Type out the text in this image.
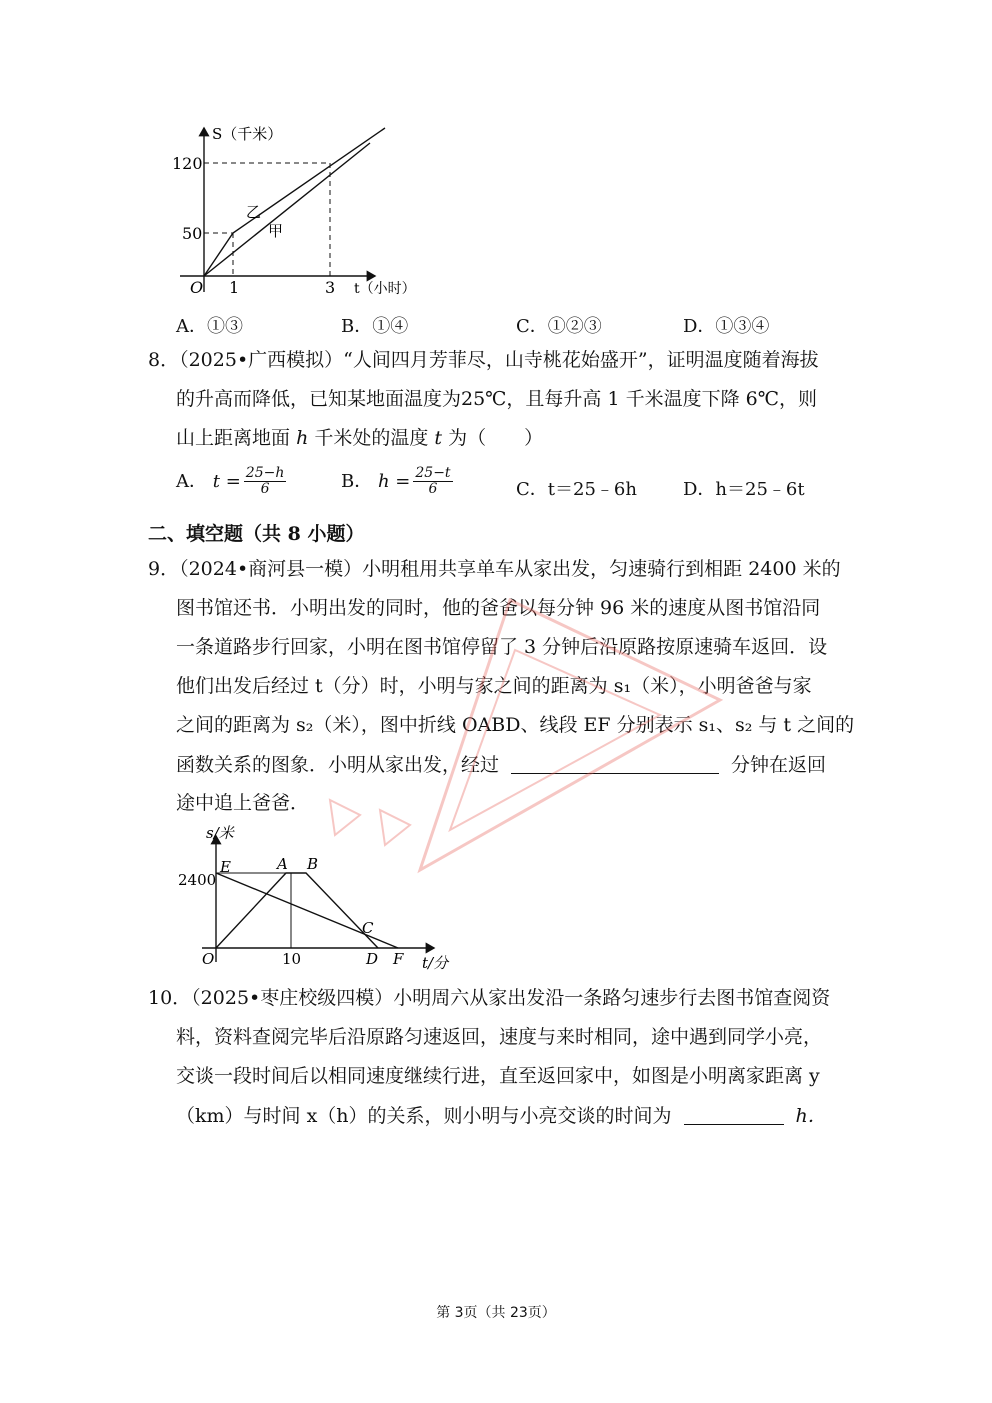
S（千米）
120
50
O 1	3 t（小时）
乙
甲
A．①③	B．①④	C．①②③	D．①③④
8．（2025•广西模拟）“人间四月芳菲尽，山寺桃花始盛开”，证明温度随着海拔
的升高而降低，已知某地面温度为25℃，且每升高 1 千米温度下降 6℃，则
山上距离地面 h 千米处的温度 t 为（　　）
A． $t = \frac{25-h}{6}$	B． $h = \frac{25-t}{6}$	C．t＝25﹣6h	D．h＝25﹣6t
二、填空题（共 8 小题）
9．（2024•商河县一模）小明租用共享单车从家出发，匀速骑行到相距 2400 米的
图书馆还书．小明出发的同时，他的爸爸以每分钟 96 米的速度从图书馆沿同
一条道路步行回家，小明在图书馆停留了 3 分钟后沿原路按原速骑车返回．设
他们出发后经过 t（分）时，小明与家之间的距离为 s₁（米），小明爸爸与家
之间的距离为 s₂（米），图中折线 OABD、线段 EF 分别表示 s₁、s₂ 与 t 之间的
函数关系的图象．小明从家出发，经过	分钟在返回
途中追上爸爸．
s/米
2400
E	A B
C
O	10	D F t/分
10．（2025•枣庄校级四模）小明周六从家出发沿一条路匀速步行去图书馆查阅资
料，资料查阅完毕后沿原路匀速返回，速度与来时相同，途中遇到同学小亮，
交谈一段时间后以相同速度继续行进，直至返回家中，如图是小明离家距离 y
（km）与时间 x（h）的关系，则小明与小亮交谈的时间为	h．
第 3页（共 23页）
